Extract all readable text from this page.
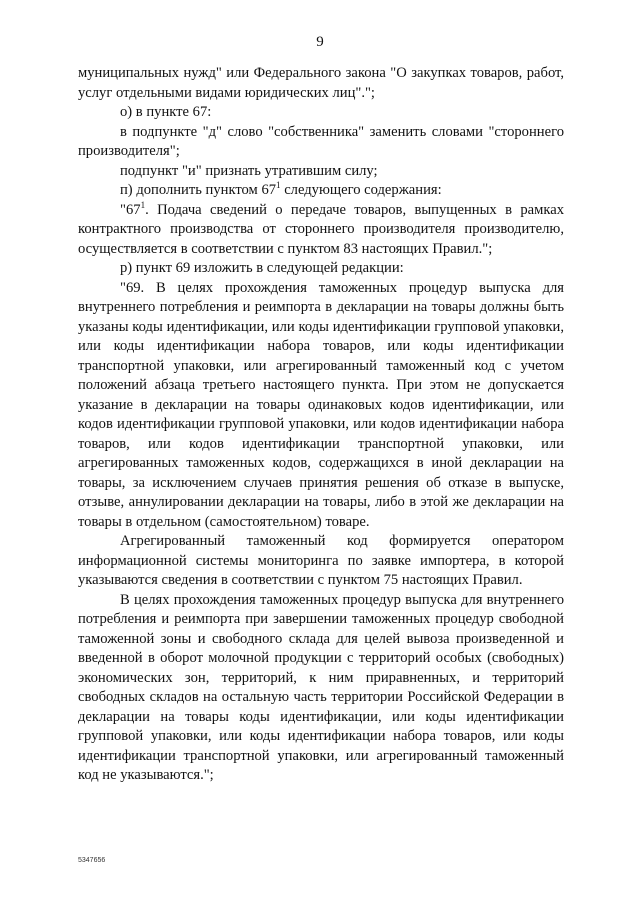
9

муниципальных нужд" или Федерального закона "О закупках товаров, работ, услуг отдельными видами юридических лиц".";

о) в пункте 67:

в подпункте "д" слово "собственника" заменить словами "стороннего производителя";

подпункт "и" признать утратившим силу;

п) дополнить пунктом $67^1$ следующего содержания:

"$67^1$. Подача сведений о передаче товаров, выпущенных в рамках контрактного производства от стороннего производителя производителю, осуществляется в соответствии с пунктом 83 настоящих Правил.";

р) пункт 69 изложить в следующей редакции:

"69. В целях прохождения таможенных процедур выпуска для внутреннего потребления и реимпорта в декларации на товары должны быть указаны коды идентификации, или коды идентификации групповой упаковки, или коды идентификации набора товаров, или коды идентификации транспортной упаковки, или агрегированный таможенный код с учетом положений абзаца третьего настоящего пункта. При этом не допускается указание в декларации на товары одинаковых кодов идентификации, или кодов идентификации групповой упаковки, или кодов идентификации набора товаров, или кодов идентификации транспортной упаковки, или агрегированных таможенных кодов, содержащихся в иной декларации на товары, за исключением случаев принятия решения об отказе в выпуске, отзыве, аннулировании декларации на товары, либо в этой же декларации на товары в отдельном (самостоятельном) товаре.

Агрегированный таможенный код формируется оператором информационной системы мониторинга по заявке импортера, в которой указываются сведения в соответствии с пунктом 75 настоящих Правил.

В целях прохождения таможенных процедур выпуска для внутреннего потребления и реимпорта при завершении таможенных процедур свободной таможенной зоны и свободного склада для целей вывоза произведенной и введенной в оборот молочной продукции с территорий особых (свободных) экономических зон, территорий, к ним приравненных, и территорий свободных складов на остальную часть территории Российской Федерации в декларации на товары коды идентификации, или коды идентификации групповой упаковки, или коды идентификации набора товаров, или коды идентификации транспортной упаковки, или агрегированный таможенный код не указываются.";

5347656
